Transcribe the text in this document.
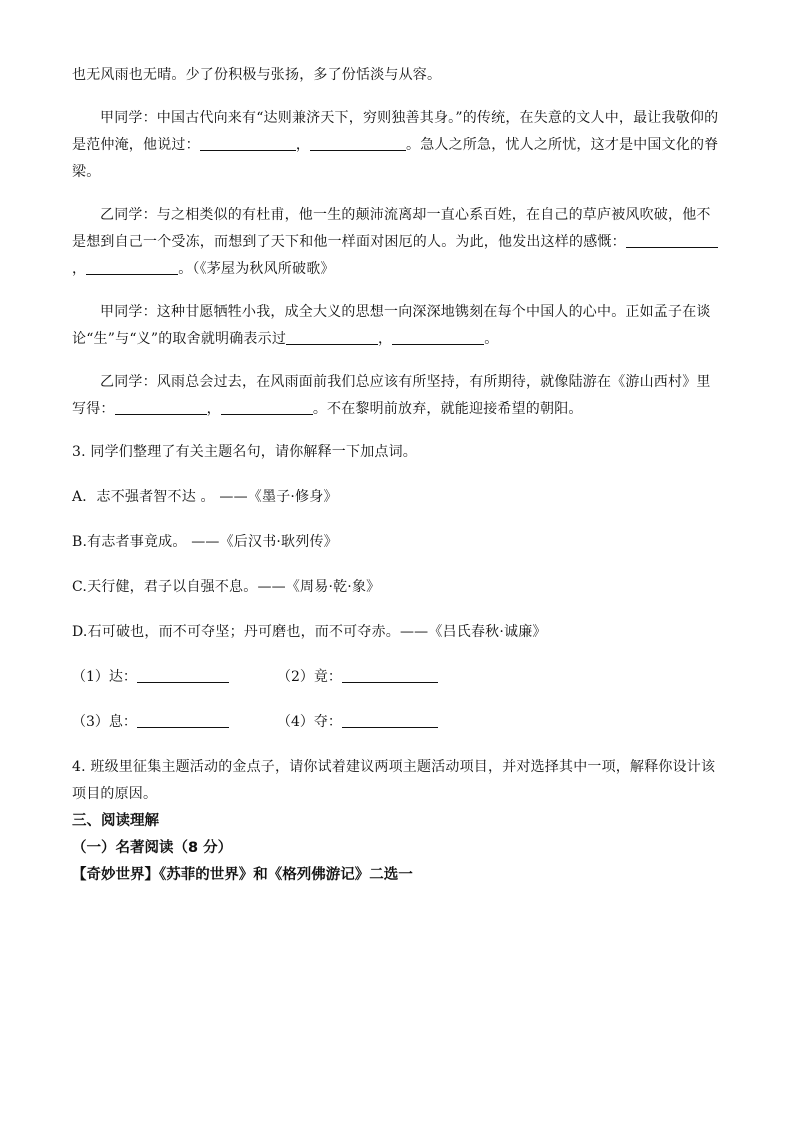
也无风雨也无晴。少了份积极与张扬，多了份恬淡与从容。

甲同学：中国古代向来有“达则兼济天下，穷则独善其身。”的传统，在失意的文人中，最让我敬仰的是范仲淹，他说过：	，	。急人之所急，忧人之所忧，这才是中国文化的脊梁。

乙同学：与之相类似的有杜甫，他一生的颠沛流离却一直心系百姓，在自己的草庐被风吹破，他不是想到自己一个受冻，而想到了天下和他一样面对困厄的人。为此，他发出这样的感慨：，	。（《茅屋为秋风所破歌》

甲同学：这种甘愿牺牲小我，成全大义的思想一向深深地镌刻在每个中国人的心中。正如孟子在谈论“生”与“义”的取舍就明确表示过	，	。

乙同学：风雨总会过去，在风雨面前我们总应该有所坚持，有所期待，就像陆游在《游山西村》里写得：	，	。不在黎明前放弃，就能迎接希望的朝阳。

3. 同学们整理了有关主题名句，请你解释一下加点词。

A．志不强者智不达 。 ——《墨子·修身》

B.有志者事竟成。 ——《后汉书·耿列传》

C.天行健，君子以自强不息。——《周易·乾·象》

D.石可破也，而不可夺坚；丹可磨也，而不可夺赤。——《吕氏春秋·诚廉》

（1）达：	（2）竟：
（3）息：	（4）夺：

4. 班级里征集主题活动的金点子，请你试着建议两项主题活动项目，并对选择其中一项，解释你设计该项目的原因。

三、阅读理解

（一）名著阅读（8 分）

【奇妙世界】《苏菲的世界》和《格列佛游记》二选一
